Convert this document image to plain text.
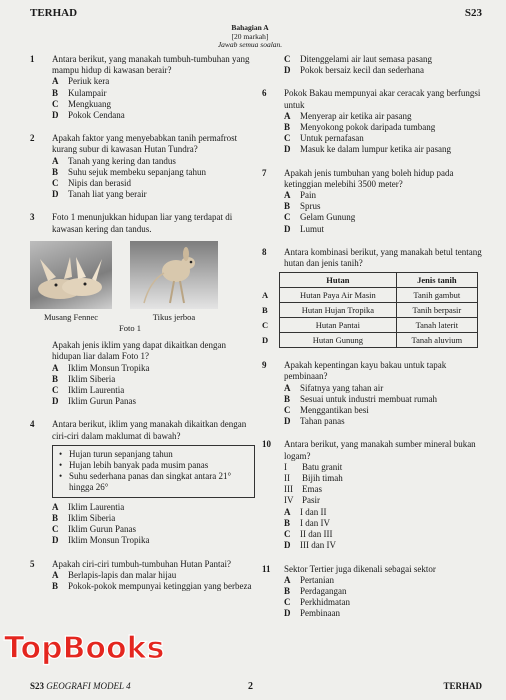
TERHAD	S23
Bahagian A
[20 markah]
Jawab semua soalan.
1 Antara berikut, yang manakah tumbuh-tumbuhan yang mampu hidup di kawasan berair?
A	Periuk kera
B	Kulampair
C	Mengkuang
D	Pokok Cendana
2 Apakah faktor yang menyebabkan tanih permafrost kurang subur di kawasan Hutan Tundra?
A	Tanah yang kering dan tandus
B	Suhu sejuk membeku sepanjang tahun
C	Nipis dan berasid
D	Tanah liat yang berair
3 Foto 1 menunjukkan hidupan liar yang terdapat di kawasan kering dan tandus.
Musang Fennec	Tikus jerboa
Foto 1
Apakah jenis iklim yang dapat dikaitkan dengan hidupan liar dalam Foto 1?
A	Iklim Monsun Tropika
B	Iklim Siberia
C	Iklim Laurentia
D	Iklim Gurun Panas
4 Antara berikut, iklim yang manakah dikaitkan dengan ciri-ciri dalam maklumat di bawah?
• Hujan turun sepanjang tahun
• Hujan lebih banyak pada musim panas
• Suhu sederhana panas dan singkat antara 21° hingga 26°
A	Iklim Laurentia
B	Iklim Siberia
C	Iklim Gurun Panas
D	Iklim Monsun Tropika
5 Apakah ciri-ciri tumbuh-tumbuhan Hutan Pantai?
A	Berlapis-lapis dan malar hijau
B	Pokok-pokok mempunyai ketinggian yang berbeza
C	Ditenggelami air laut semasa pasang
D	Pokok bersaiz kecil dan sederhana
6 Pokok Bakau mempunyai akar ceracak yang berfungsi untuk
A	Menyerap air ketika air pasang
B	Menyokong pokok daripada tumbang
C	Untuk pernafasan
D	Masuk ke dalam lumpur ketika air pasang
7 Apakah jenis tumbuhan yang boleh hidup pada ketinggian melebihi 3500 meter?
A	Pain
B	Sprus
C	Gelam Gunung
D	Lumut
8 Antara kombinasi berikut, yang manakah betul tentang hutan dan jenis tanih?
	Hutan	Jenis tanih
A	Hutan Paya Air Masin	Tanih gambut
B	Hutan Hujan Tropika	Tanih berpasir
C	Hutan Pantai	Tanah laterit
D	Hutan Gunung	Tanah aluvium
9 Apakah kepentingan kayu bakau untuk tapak pembinaan?
A	Sifatnya yang tahan air
B	Sesuai untuk industri membuat rumah
C	Menggantikan besi
D	Tahan panas
10 Antara berikut, yang manakah sumber mineral bukan logam?
I	Batu granit
II	Bijih timah
III	Emas
IV Pasir
A	I dan II
B	I dan IV
C	II dan III
D	III dan IV
11 Sektor Tertier juga dikenali sebagai sektor
A	Pertanian
B	Perdagangan
C	Perkhidmatan
D	Pembinaan
TopBooks
S23 GEOGRAFI MODEL 4	2	TERHAD
